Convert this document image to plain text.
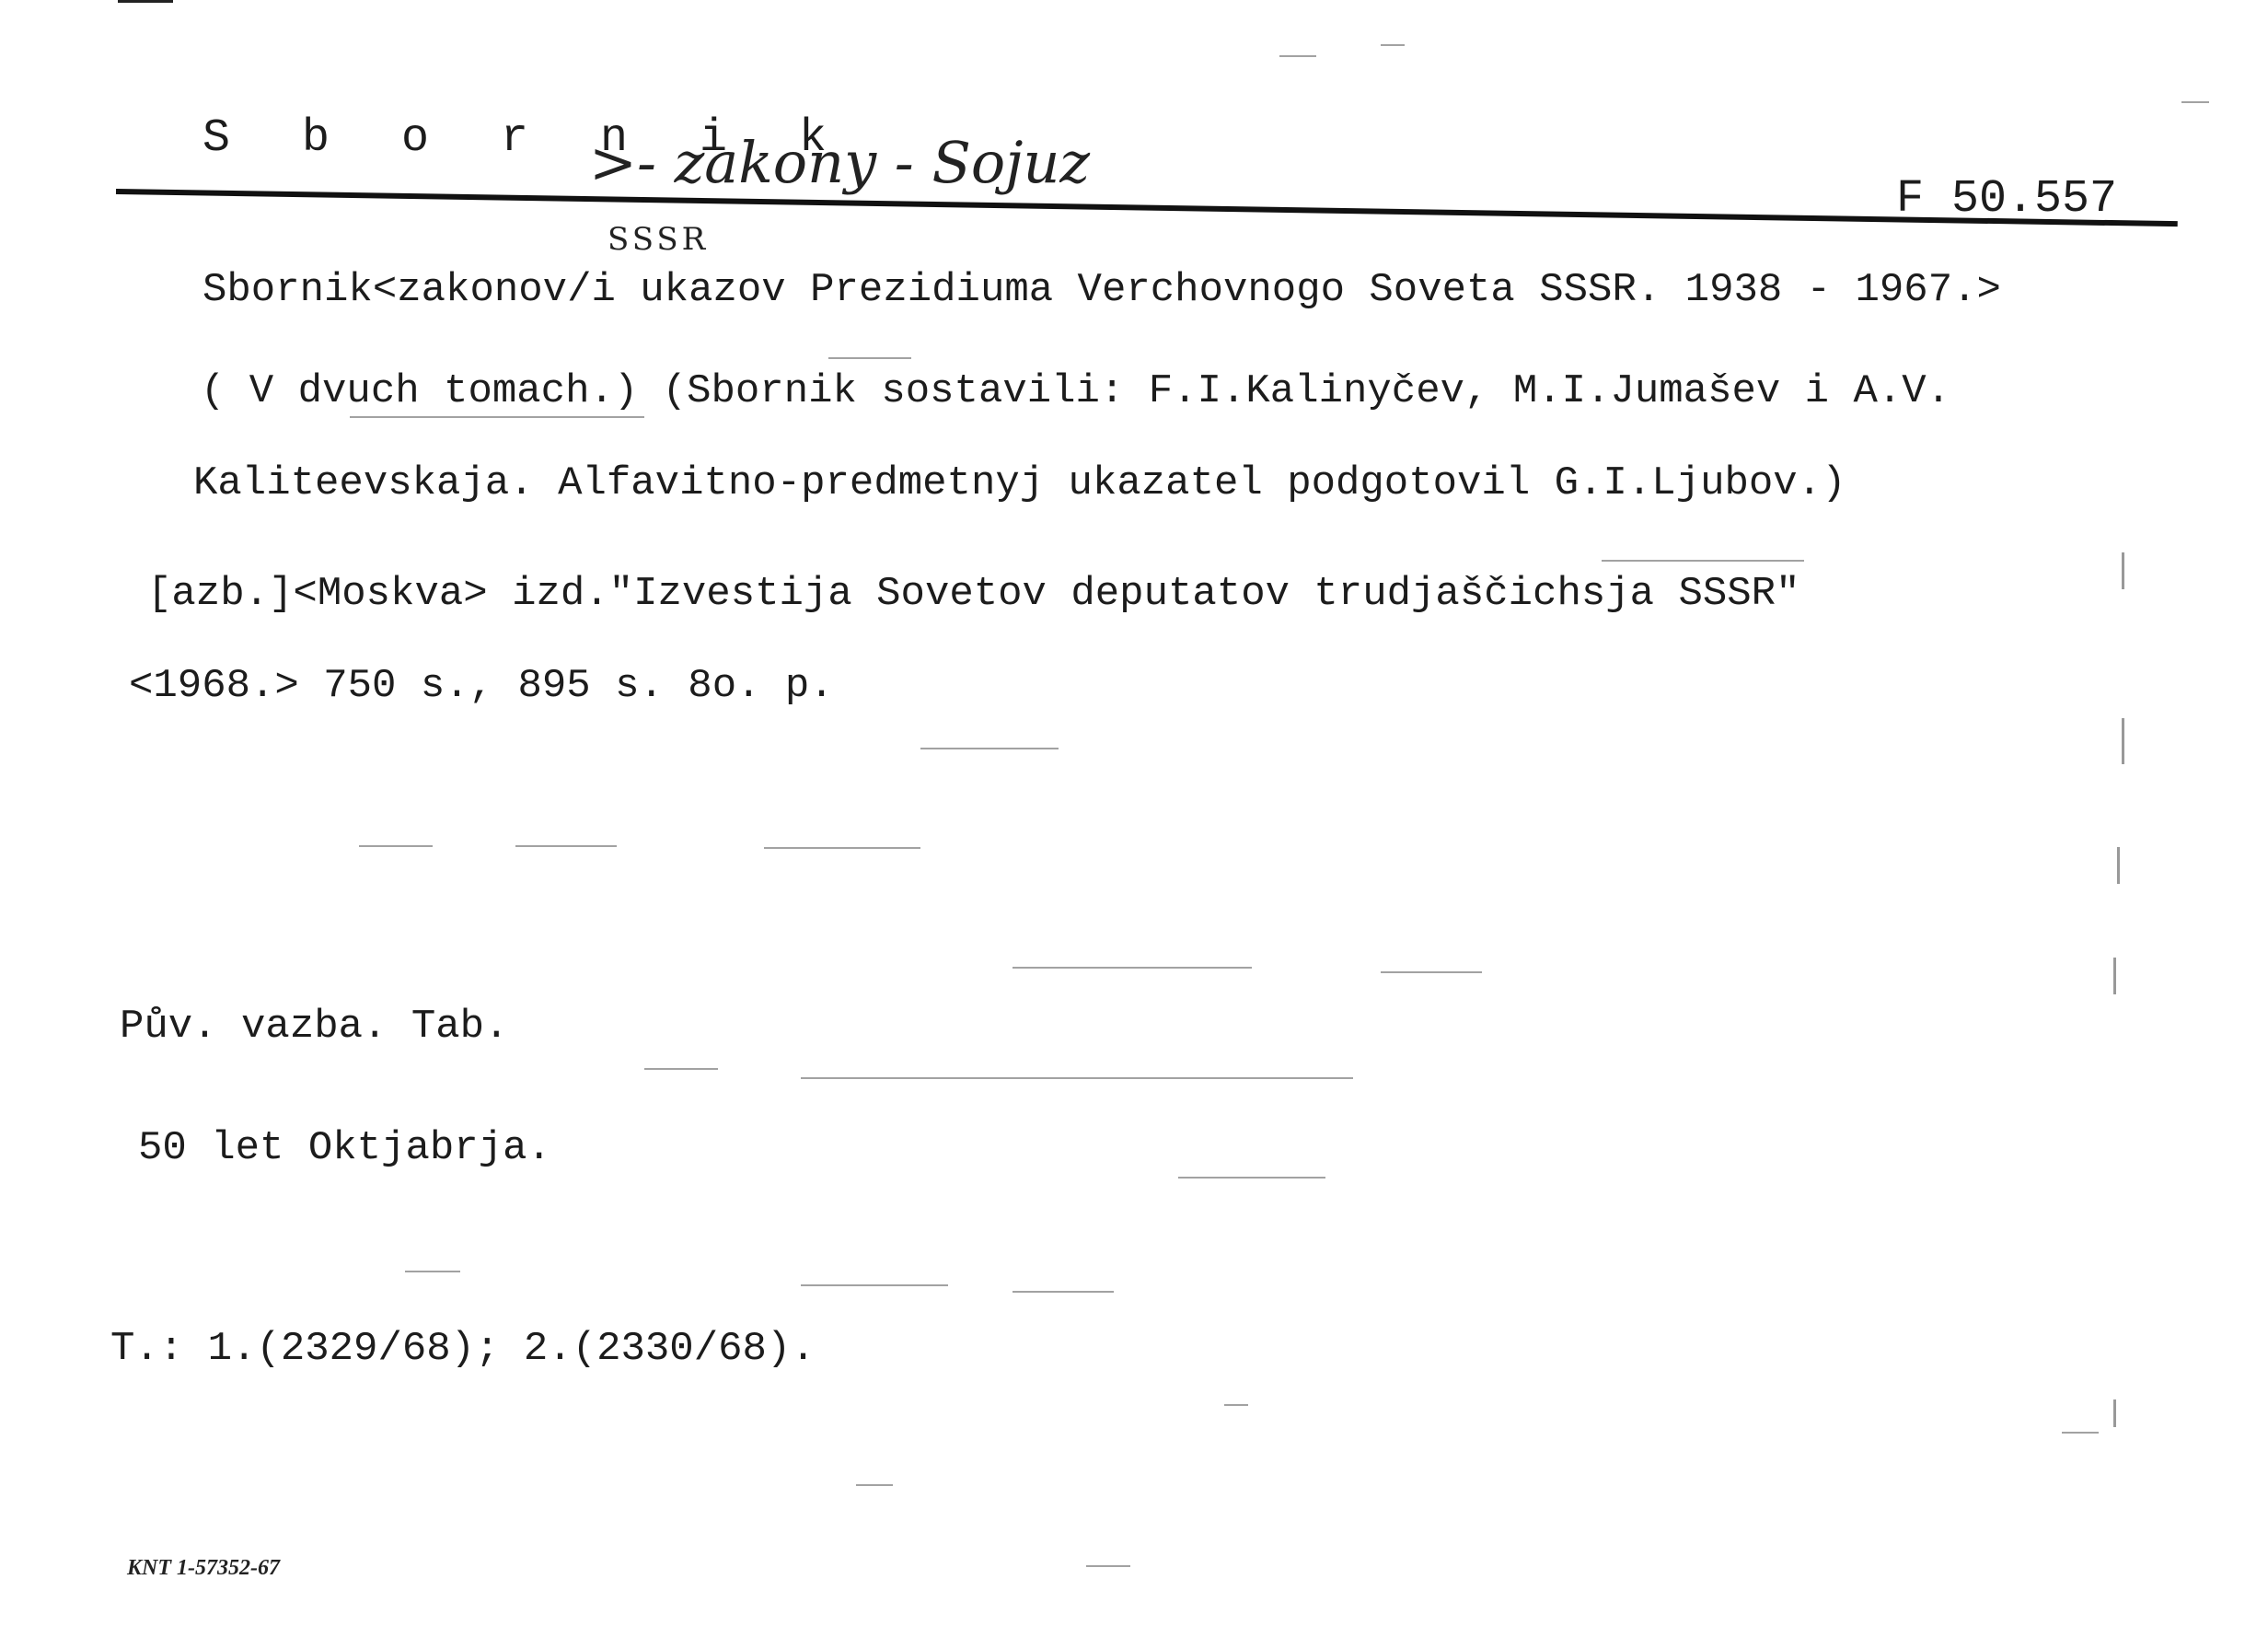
S b o r n i k
>- zakony - Sojuz
F 50.557
SSSR
Sbornik<zakonov/i ukazov Prezidiuma Verchovnogo Soveta SSSR. 1938 - 1967.>
( V dvuch tomach.) (Sbornik sostavili: F.I.Kalinyčev, M.I.Jumašev i A.V.
Kaliteevskaja. Alfavitno-predmetnyj ukazatel podgotovil G.I.Ljubov.)
[azb.]<Moskva> izd."Izvestija Sovetov deputatov trudjaščichsja SSSR"
<1968.> 750 s., 895 s. 8o. p.
Pův. vazba. Tab.
50 let Oktjabrja.
T.: 1.(2329/68); 2.(2330/68).
KNT 1-57352-67
